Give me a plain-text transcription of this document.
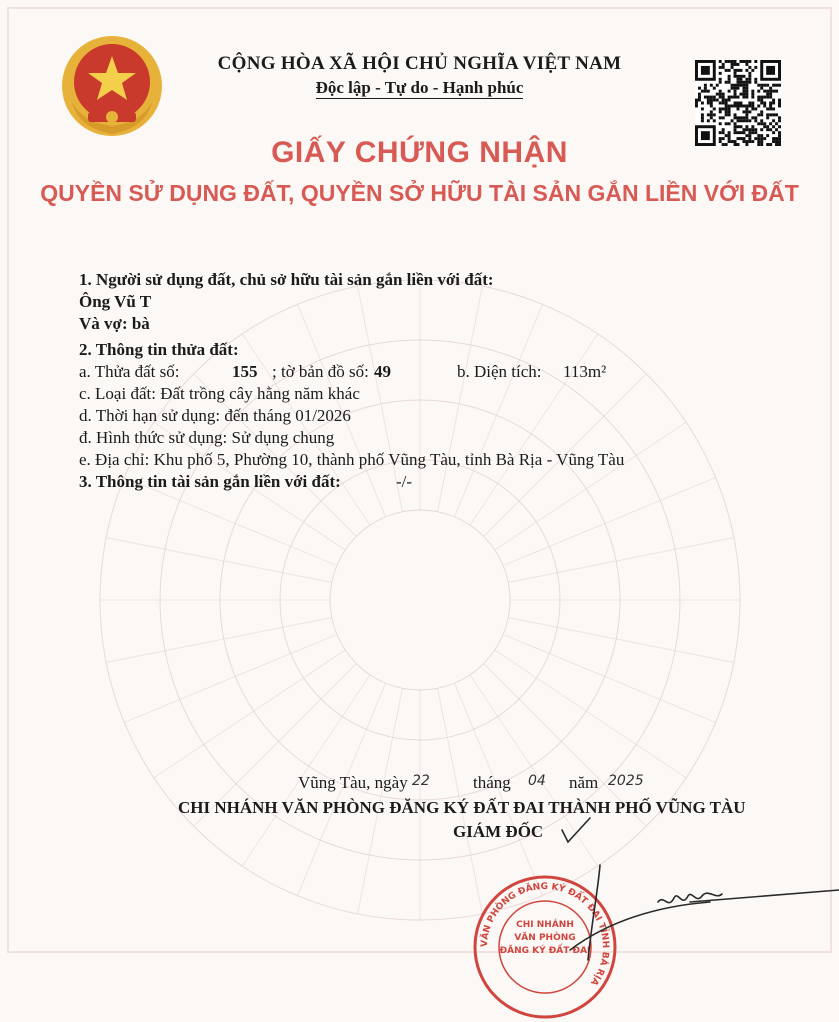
CỘNG HÒA XÃ HỘI CHỦ NGHĨA VIỆT NAM
Độc lập - Tự do - Hạnh phúc
GIẤY CHỨNG NHẬN
QUYỀN SỬ DỤNG ĐẤT, QUYỀN SỞ HỮU TÀI SẢN GẮN LIỀN VỚI ĐẤT
1. Người sử dụng đất, chủ sở hữu tài sản gắn liền với đất:
Ông Vũ T
Và vợ: bà
2. Thông tin thửa đất:
a. Thửa đất số:	155 ; tờ bản đồ số: 49	b. Diện tích: 113m²
c. Loại đất: Đất trồng cây hằng năm khác
d. Thời hạn sử dụng: đến tháng 01/2026
đ. Hình thức sử dụng: Sử dụng chung
e. Địa chỉ: Khu phố 5, Phường 10, thành phố Vũng Tàu, tỉnh Bà Rịa - Vũng Tàu
3. Thông tin tài sản gắn liền với đất:	-/-
Vũng Tàu, ngày 22	tháng 04 năm 2025
CHI NHÁNH VĂN PHÒNG ĐĂNG KÝ ĐẤT ĐAI THÀNH PHỐ VŨNG TÀU
GIÁM ĐỐC
VĂN PHÒNG ĐĂNG KÝ ĐẤT ĐAI TỈNH BÀ RỊA
CHI NHÁNH
VĂN PHÒNG
ĐĂNG KÝ ĐẤT ĐAI
